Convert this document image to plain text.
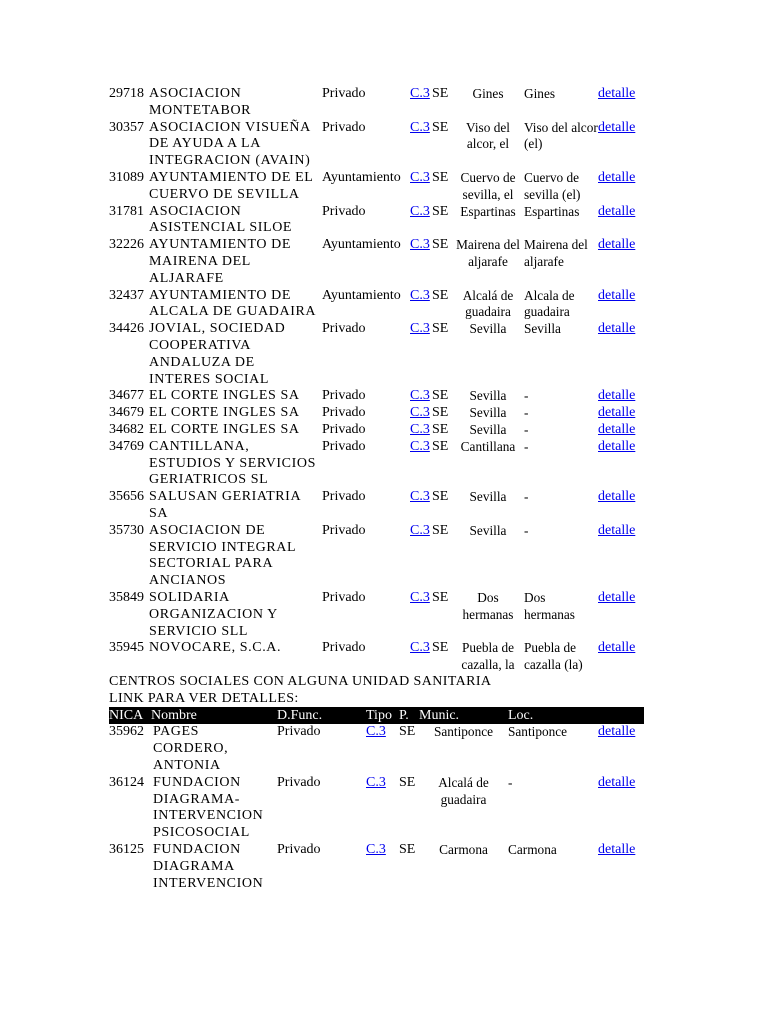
29718	ASOCIACION MONTETABOR	Privado	C.3	SE	Gines	Gines	detalle
30357	ASOCIACION VISUEÑA DE AYUDA A LA INTEGRACION (AVAIN)	Privado	C.3	SE	Viso del alcor, el	Viso del alcor (el)	detalle
31089	AYUNTAMIENTO DE EL CUERVO DE SEVILLA	Ayuntamiento	C.3	SE	Cuervo de sevilla, el	Cuervo de sevilla (el)	detalle
31781	ASOCIACION ASISTENCIAL SILOE	Privado	C.3	SE	Espartinas	Espartinas	detalle
32226	AYUNTAMIENTO DE MAIRENA DEL ALJARAFE	Ayuntamiento	C.3	SE	Mairena del aljarafe	Mairena del aljarafe	detalle
32437	AYUNTAMIENTO DE ALCALA DE GUADAIRA	Ayuntamiento	C.3	SE	Alcalá de guadaira	Alcala de guadaira	detalle
34426	JOVIAL, SOCIEDAD COOPERATIVA ANDALUZA DE INTERES SOCIAL	Privado	C.3	SE	Sevilla	Sevilla	detalle
34677	EL CORTE INGLES SA	Privado	C.3	SE	Sevilla	-	detalle
34679	EL CORTE INGLES SA	Privado	C.3	SE	Sevilla	-	detalle
34682	EL CORTE INGLES SA	Privado	C.3	SE	Sevilla	-	detalle
34769	CANTILLANA, ESTUDIOS Y SERVICIOS GERIATRICOS SL	Privado	C.3	SE	Cantillana	-	detalle
35656	SALUSAN GERIATRIA SA	Privado	C.3	SE	Sevilla	-	detalle
35730	ASOCIACION DE SERVICIO INTEGRAL SECTORIAL PARA ANCIANOS	Privado	C.3	SE	Sevilla	-	detalle
35849	SOLIDARIA ORGANIZACION Y SERVICIO SLL	Privado	C.3	SE	Dos hermanas	Dos hermanas	detalle
35945	NOVOCARE, S.C.A.	Privado	C.3	SE	Puebla de cazalla, la	Puebla de cazalla (la)	detalle
CENTROS SOCIALES CON ALGUNA UNIDAD SANITARIA
LINK PARA VER DETALLES:
NICA	Nombre	D.Func.	Tipo	P.	Munic.	Loc.	
35962	PAGES CORDERO, ANTONIA	Privado	C.3	SE	Santiponce	Santiponce	detalle
36124	FUNDACION DIAGRAMA-INTERVENCION PSICOSOCIAL	Privado	C.3	SE	Alcalá de guadaira	-	detalle
36125	FUNDACION DIAGRAMA INTERVENCION	Privado	C.3	SE	Carmona	Carmona	detalle
